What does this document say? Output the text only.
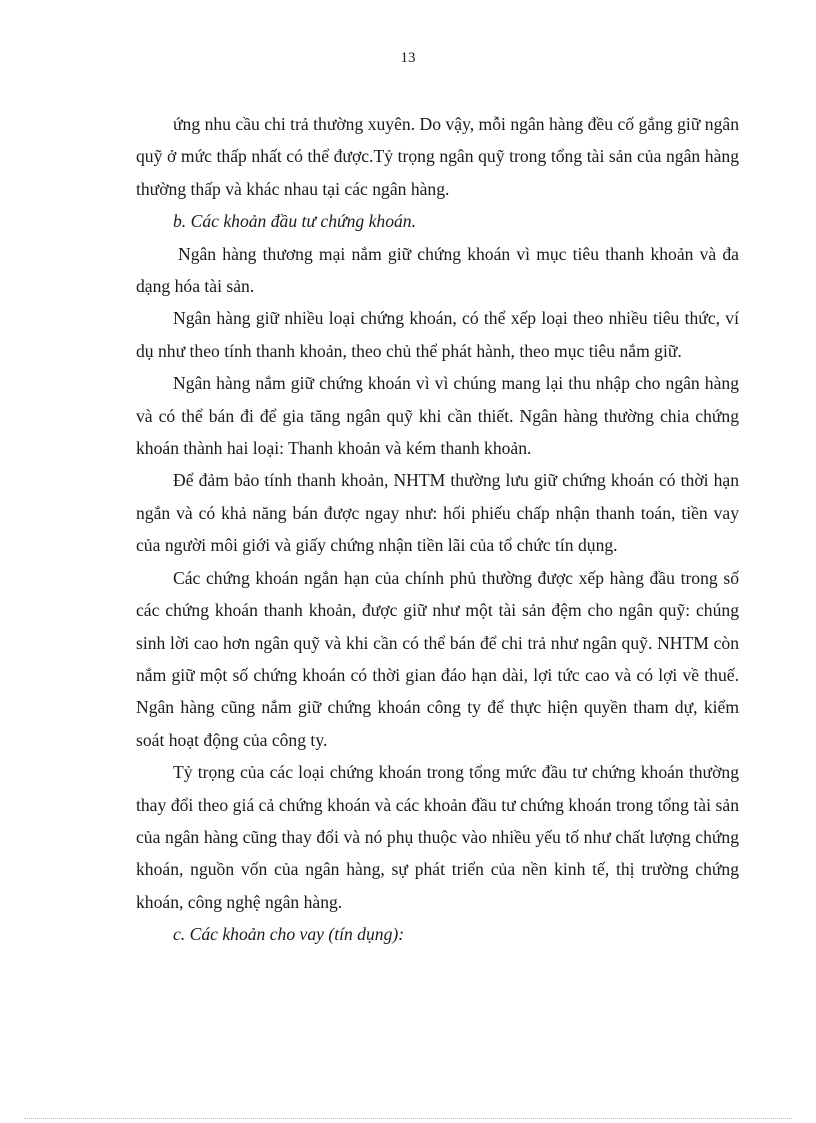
13

ứng nhu cầu chi trả thường xuyên. Do vậy, mỗi ngân hàng đều cố gắng giữ ngân quỹ ở mức thấp nhất có thể được.Tỷ trọng ngân quỹ trong tổng tài sản của ngân hàng thường thấp và khác nhau tại các ngân hàng.

b. Các khoản đầu tư chứng khoán.

Ngân hàng thương mại nắm giữ chứng khoán vì mục tiêu thanh khoản và đa dạng hóa tài sản.

Ngân hàng giữ nhiều loại chứng khoán, có thể xếp loại theo nhiều tiêu thức, ví dụ như theo tính thanh khoản, theo chủ thể phát hành, theo mục tiêu nắm giữ.

Ngân hàng nắm giữ chứng khoán vì vì chúng mang lại thu nhập cho ngân hàng và có thể bán đi để gia tăng ngân quỹ khi cần thiết. Ngân hàng thường chia chứng khoán thành hai loại: Thanh khoản và kém thanh khoản.

Để đảm bảo tính thanh khoản, NHTM thường lưu giữ chứng khoán có thời hạn ngắn và có khả năng bán được ngay như: hối phiếu chấp nhận thanh toán, tiền vay của người môi giới và giấy chứng nhận tiền lãi của tổ chức tín dụng.

Các chứng khoán ngắn hạn của chính phủ thường được xếp hàng đầu trong số các chứng khoán thanh khoản, được giữ như một tài sản đệm cho ngân quỹ: chúng sinh lời cao hơn ngân quỹ và khi cần có thể bán để chi trả như ngân quỹ. NHTM còn nắm giữ một số chứng khoán có thời gian đáo hạn dài, lợi tức cao và có lợi về thuế. Ngân hàng cũng nắm giữ chứng khoán công ty để thực hiện quyền tham dự, kiểm soát hoạt động của công ty.

Tỷ trọng của các loại chứng khoán trong tổng mức đầu tư chứng khoán thường thay đổi theo giá cả chứng khoán và các khoản đầu tư chứng khoán trong tổng tài sản của ngân hàng cũng thay đổi và nó phụ thuộc vào nhiều yếu tố như chất lượng chứng khoán, nguồn vốn của ngân hàng, sự phát triển của nền kinh tế, thị trường chứng khoán, công nghệ ngân hàng.

c. Các khoản cho vay (tín dụng):
